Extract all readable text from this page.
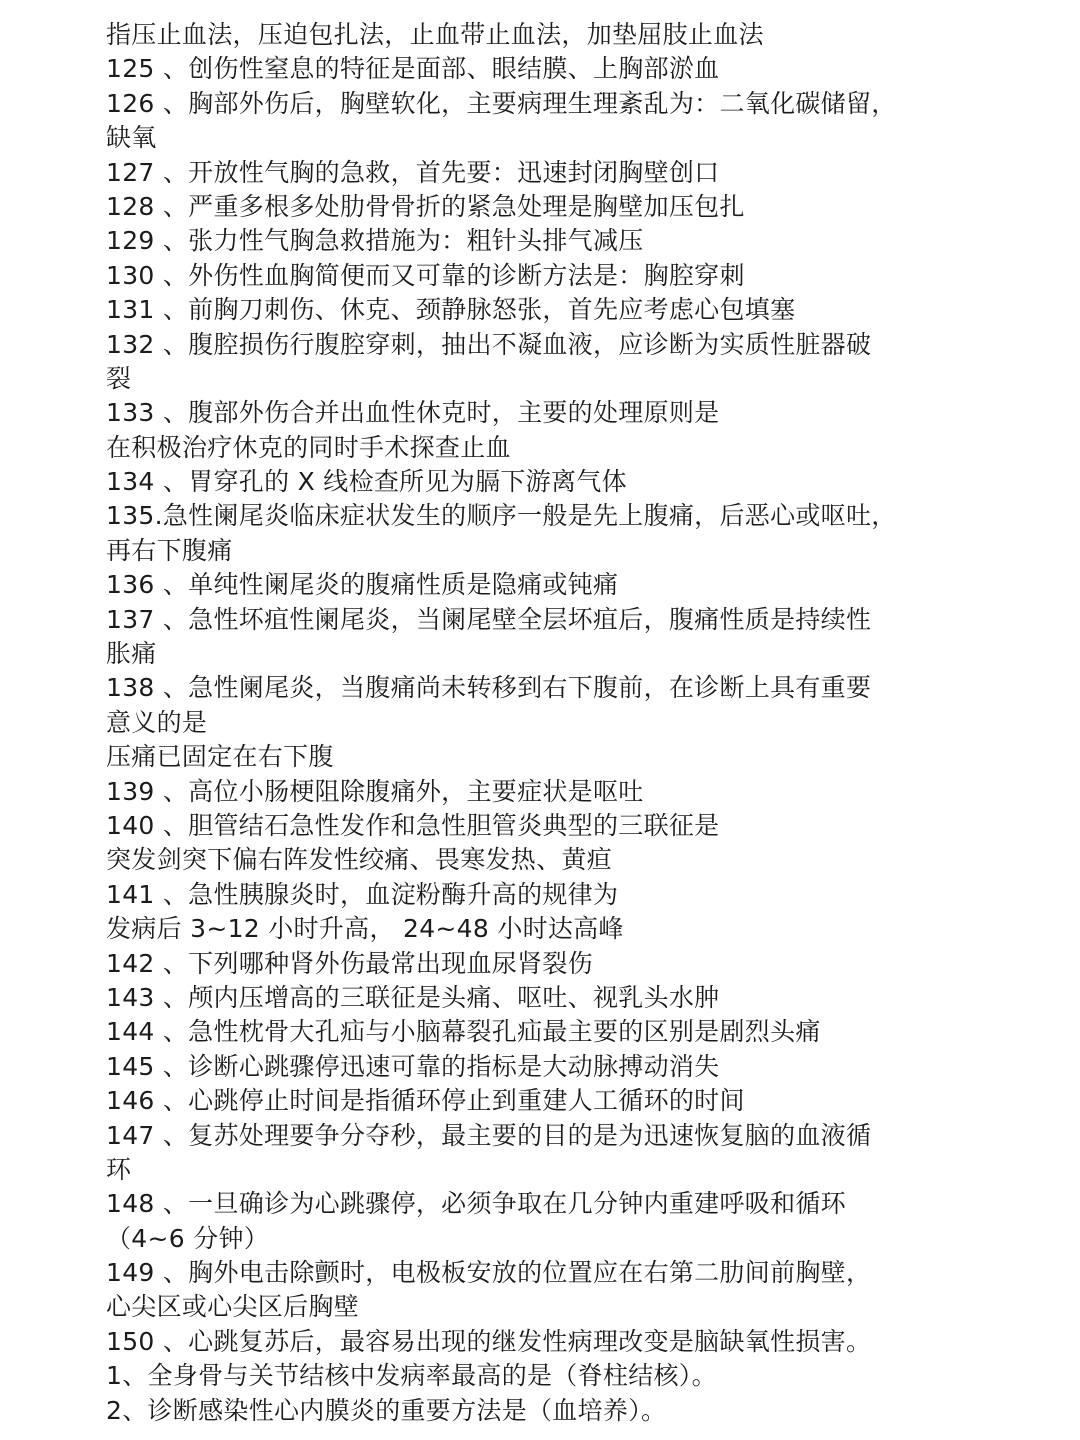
指压止血法，压迫包扎法，止血带止血法，加垫屈肢止血法
125 、创伤性窒息的特征是面部、眼结膜、上胸部淤血
126 、胸部外伤后，胸壁软化，主要病理生理紊乱为：二氧化碳储留，
缺氧
127 、开放性气胸的急救，首先要：迅速封闭胸壁创口
128 、严重多根多处肋骨骨折的紧急处理是胸壁加压包扎
129 、张力性气胸急救措施为：粗针头排气减压
130 、外伤性血胸简便而又可靠的诊断方法是：胸腔穿刺
131 、前胸刀刺伤、休克、颈静脉怒张，首先应考虑心包填塞
132 、腹腔损伤行腹腔穿刺，抽出不凝血液，应诊断为实质性脏器破
裂
133 、腹部外伤合并出血性休克时，主要的处理原则是
在积极治疗休克的同时手术探查止血
134 、胃穿孔的 X 线检查所见为膈下游离气体
135.急性阑尾炎临床症状发生的顺序一般是先上腹痛，后恶心或呕吐，
再右下腹痛
136 、单纯性阑尾炎的腹痛性质是隐痛或钝痛
137 、急性坏疽性阑尾炎，当阑尾壁全层坏疽后，腹痛性质是持续性
胀痛
138 、急性阑尾炎，当腹痛尚未转移到右下腹前，在诊断上具有重要
意义的是
压痛已固定在右下腹
139 、高位小肠梗阻除腹痛外，主要症状是呕吐
140 、胆管结石急性发作和急性胆管炎典型的三联征是
突发剑突下偏右阵发性绞痛、畏寒发热、黄疸
141 、急性胰腺炎时，血淀粉酶升高的规律为
发病后 3~12 小时升高， 24~48 小时达高峰
142 、下列哪种肾外伤最常出现血尿肾裂伤
143 、颅内压增高的三联征是头痛、呕吐、视乳头水肿
144 、急性枕骨大孔疝与小脑幕裂孔疝最主要的区别是剧烈头痛
145 、诊断心跳骤停迅速可靠的指标是大动脉搏动消失
146 、心跳停止时间是指循环停止到重建人工循环的时间
147 、复苏处理要争分夺秒，最主要的目的是为迅速恢复脑的血液循
环
148 、一旦确诊为心跳骤停，必须争取在几分钟内重建呼吸和循环
（4~6 分钟）
149 、胸外电击除颤时，电极板安放的位置应在右第二肋间前胸壁，
心尖区或心尖区后胸壁
150 、心跳复苏后，最容易出现的继发性病理改变是脑缺氧性损害。
1、全身骨与关节结核中发病率最高的是（脊柱结核）。
2、诊断感染性心内膜炎的重要方法是（血培养）。
